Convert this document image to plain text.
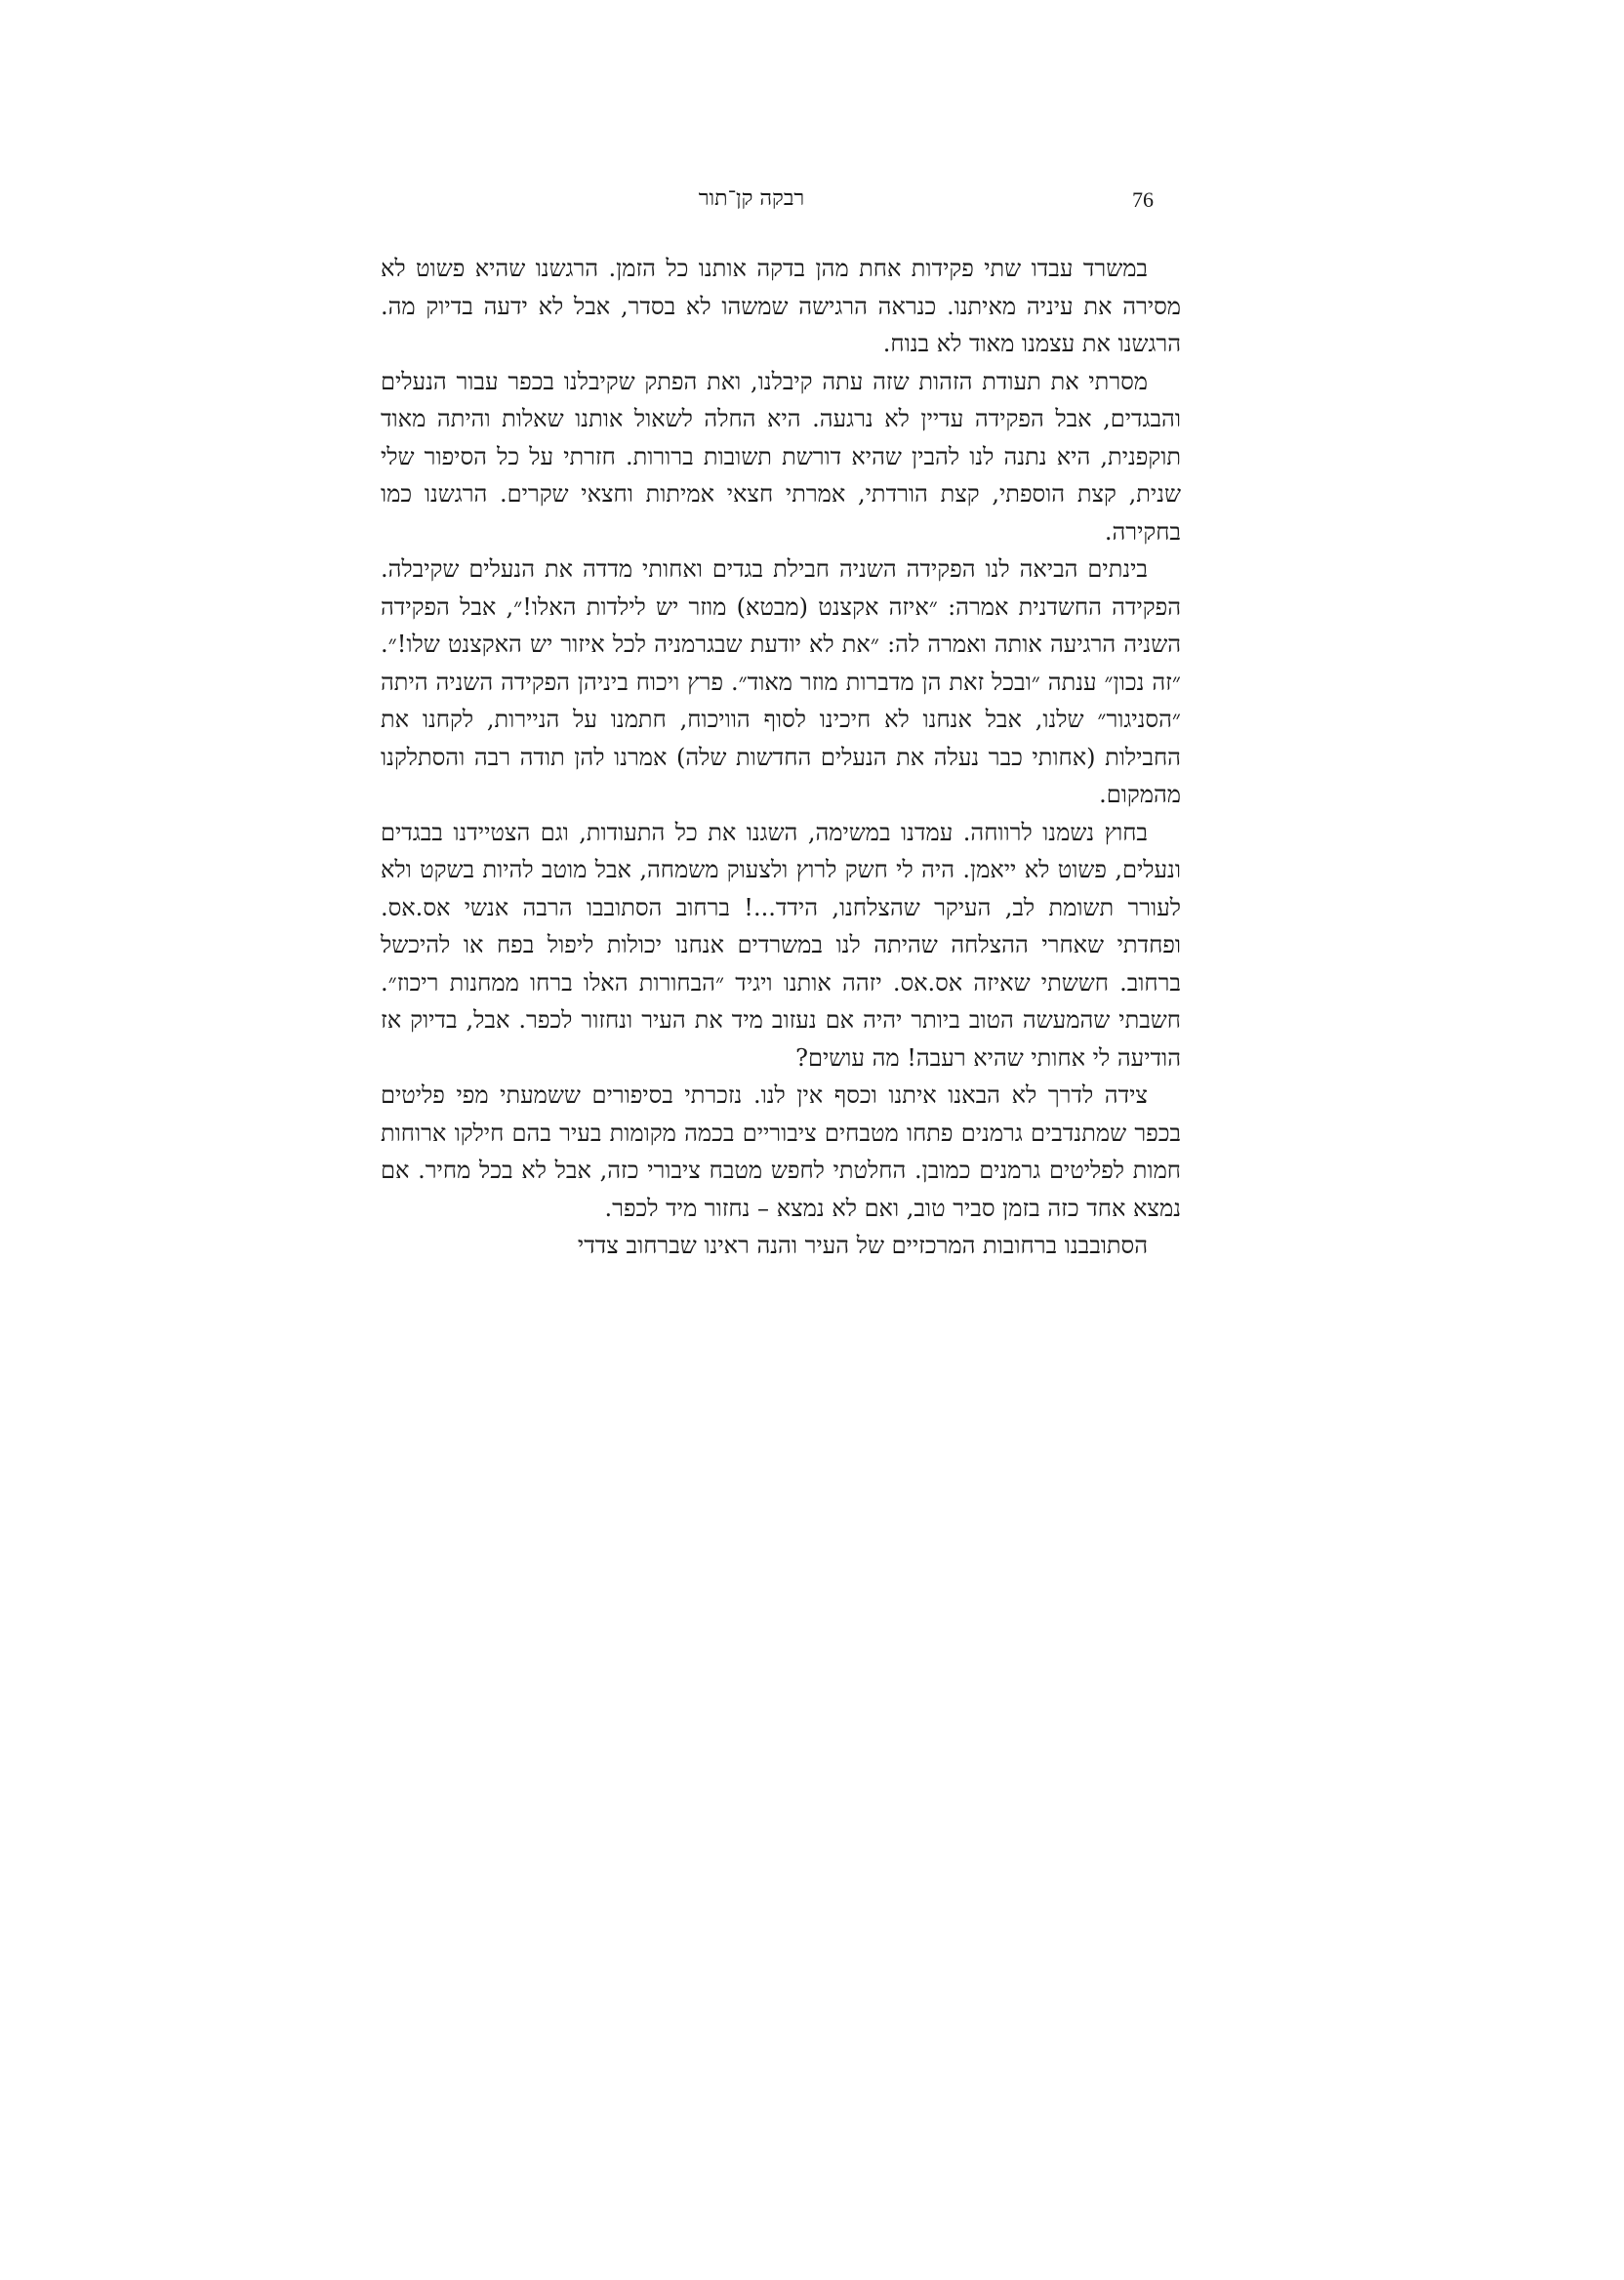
76
רבקה קן־תור

במשרד עבדו שתי פקידות אחת מהן בדקה אותנו כל הזמן. הרגשנו שהיא פשוט לא מסירה את עיניה מאיתנו. כנראה הרגישה שמשהו לא בסדר, אבל לא ידעה בדיוק מה. הרגשנו את עצמנו מאוד לא בנוח.

מסרתי את תעודת הזהות שזה עתה קיבלנו, ואת הפתק שקיבלנו בכפר עבור הנעלים והבגדים, אבל הפקידה עדיין לא נרגעה. היא החלה לשאול אותנו שאלות והיתה מאוד תוקפנית, היא נתנה לנו להבין שהיא דורשת תשובות ברורות. חזרתי על כל הסיפור שלי שנית, קצת הוספתי, קצת הורדתי, אמרתי חצאי אמיתות וחצאי שקרים. הרגשנו כמו בחקירה.

בינתים הביאה לנו הפקידה השניה חבילת בגדים ואחותי מדדה את הנעלים שקיבלה. הפקידה החשדנית אמרה: ״איזה אקצנט (מבטא) מוזר יש לילדות האלו!״, אבל הפקידה השניה הרגיעה אותה ואמרה לה: ״את לא יודעת שבגרמניה לכל איזור יש האקצנט שלו!״. ״זה נכון״ ענתה ״ובכל זאת הן מדברות מוזר מאוד״. פרץ ויכוח ביניהן הפקידה השניה היתה ״הסניגור״ שלנו, אבל אנחנו לא חיכינו לסוף הוויכוח, חתמנו על הניירות, לקחנו את החבילות (אחותי כבר נעלה את הנעלים החדשות שלה) אמרנו להן תודה רבה והסתלקנו מהמקום.

בחוץ נשמנו לרווחה. עמדנו במשימה, השגנו את כל התעודות, וגם הצטיידנו בבגדים ונעלים, פשוט לא ייאמן. היה לי חשק לרוץ ולצעוק משמחה, אבל מוטב להיות בשקט ולא לעורר תשומת לב, העיקר שהצלחנו, הידד...! ברחוב הסתובבו הרבה אנשי אס.אס. ופחדתי שאחרי ההצלחה שהיתה לנו במשרדים אנחנו יכולות ליפול בפח או להיכשל ברחוב. חששתי שאיזה אס.אס. יזהה אותנו ויגיד ״הבחורות האלו ברחו ממחנות ריכוז״. חשבתי שהמעשה הטוב ביותר יהיה אם נעזוב מיד את העיר ונחזור לכפר. אבל, בדיוק אז הודיעה לי אחותי שהיא רעבה! מה עושים?

צידה לדרך לא הבאנו איתנו וכסף אין לנו. נזכרתי בסיפורים ששמעתי מפי פליטים בכפר שמתנדבים גרמנים פתחו מטבחים ציבוריים בכמה מקומות בעיר בהם חילקו ארוחות חמות לפליטים גרמנים כמובן. החלטתי לחפש מטבח ציבורי כזה, אבל לא בכל מחיר. אם נמצא אחד כזה בזמן סביר טוב, ואם לא נמצא – נחזור מיד לכפר.

הסתובבנו ברחובות המרכזיים של העיר והנה ראינו שברחוב צדדי
